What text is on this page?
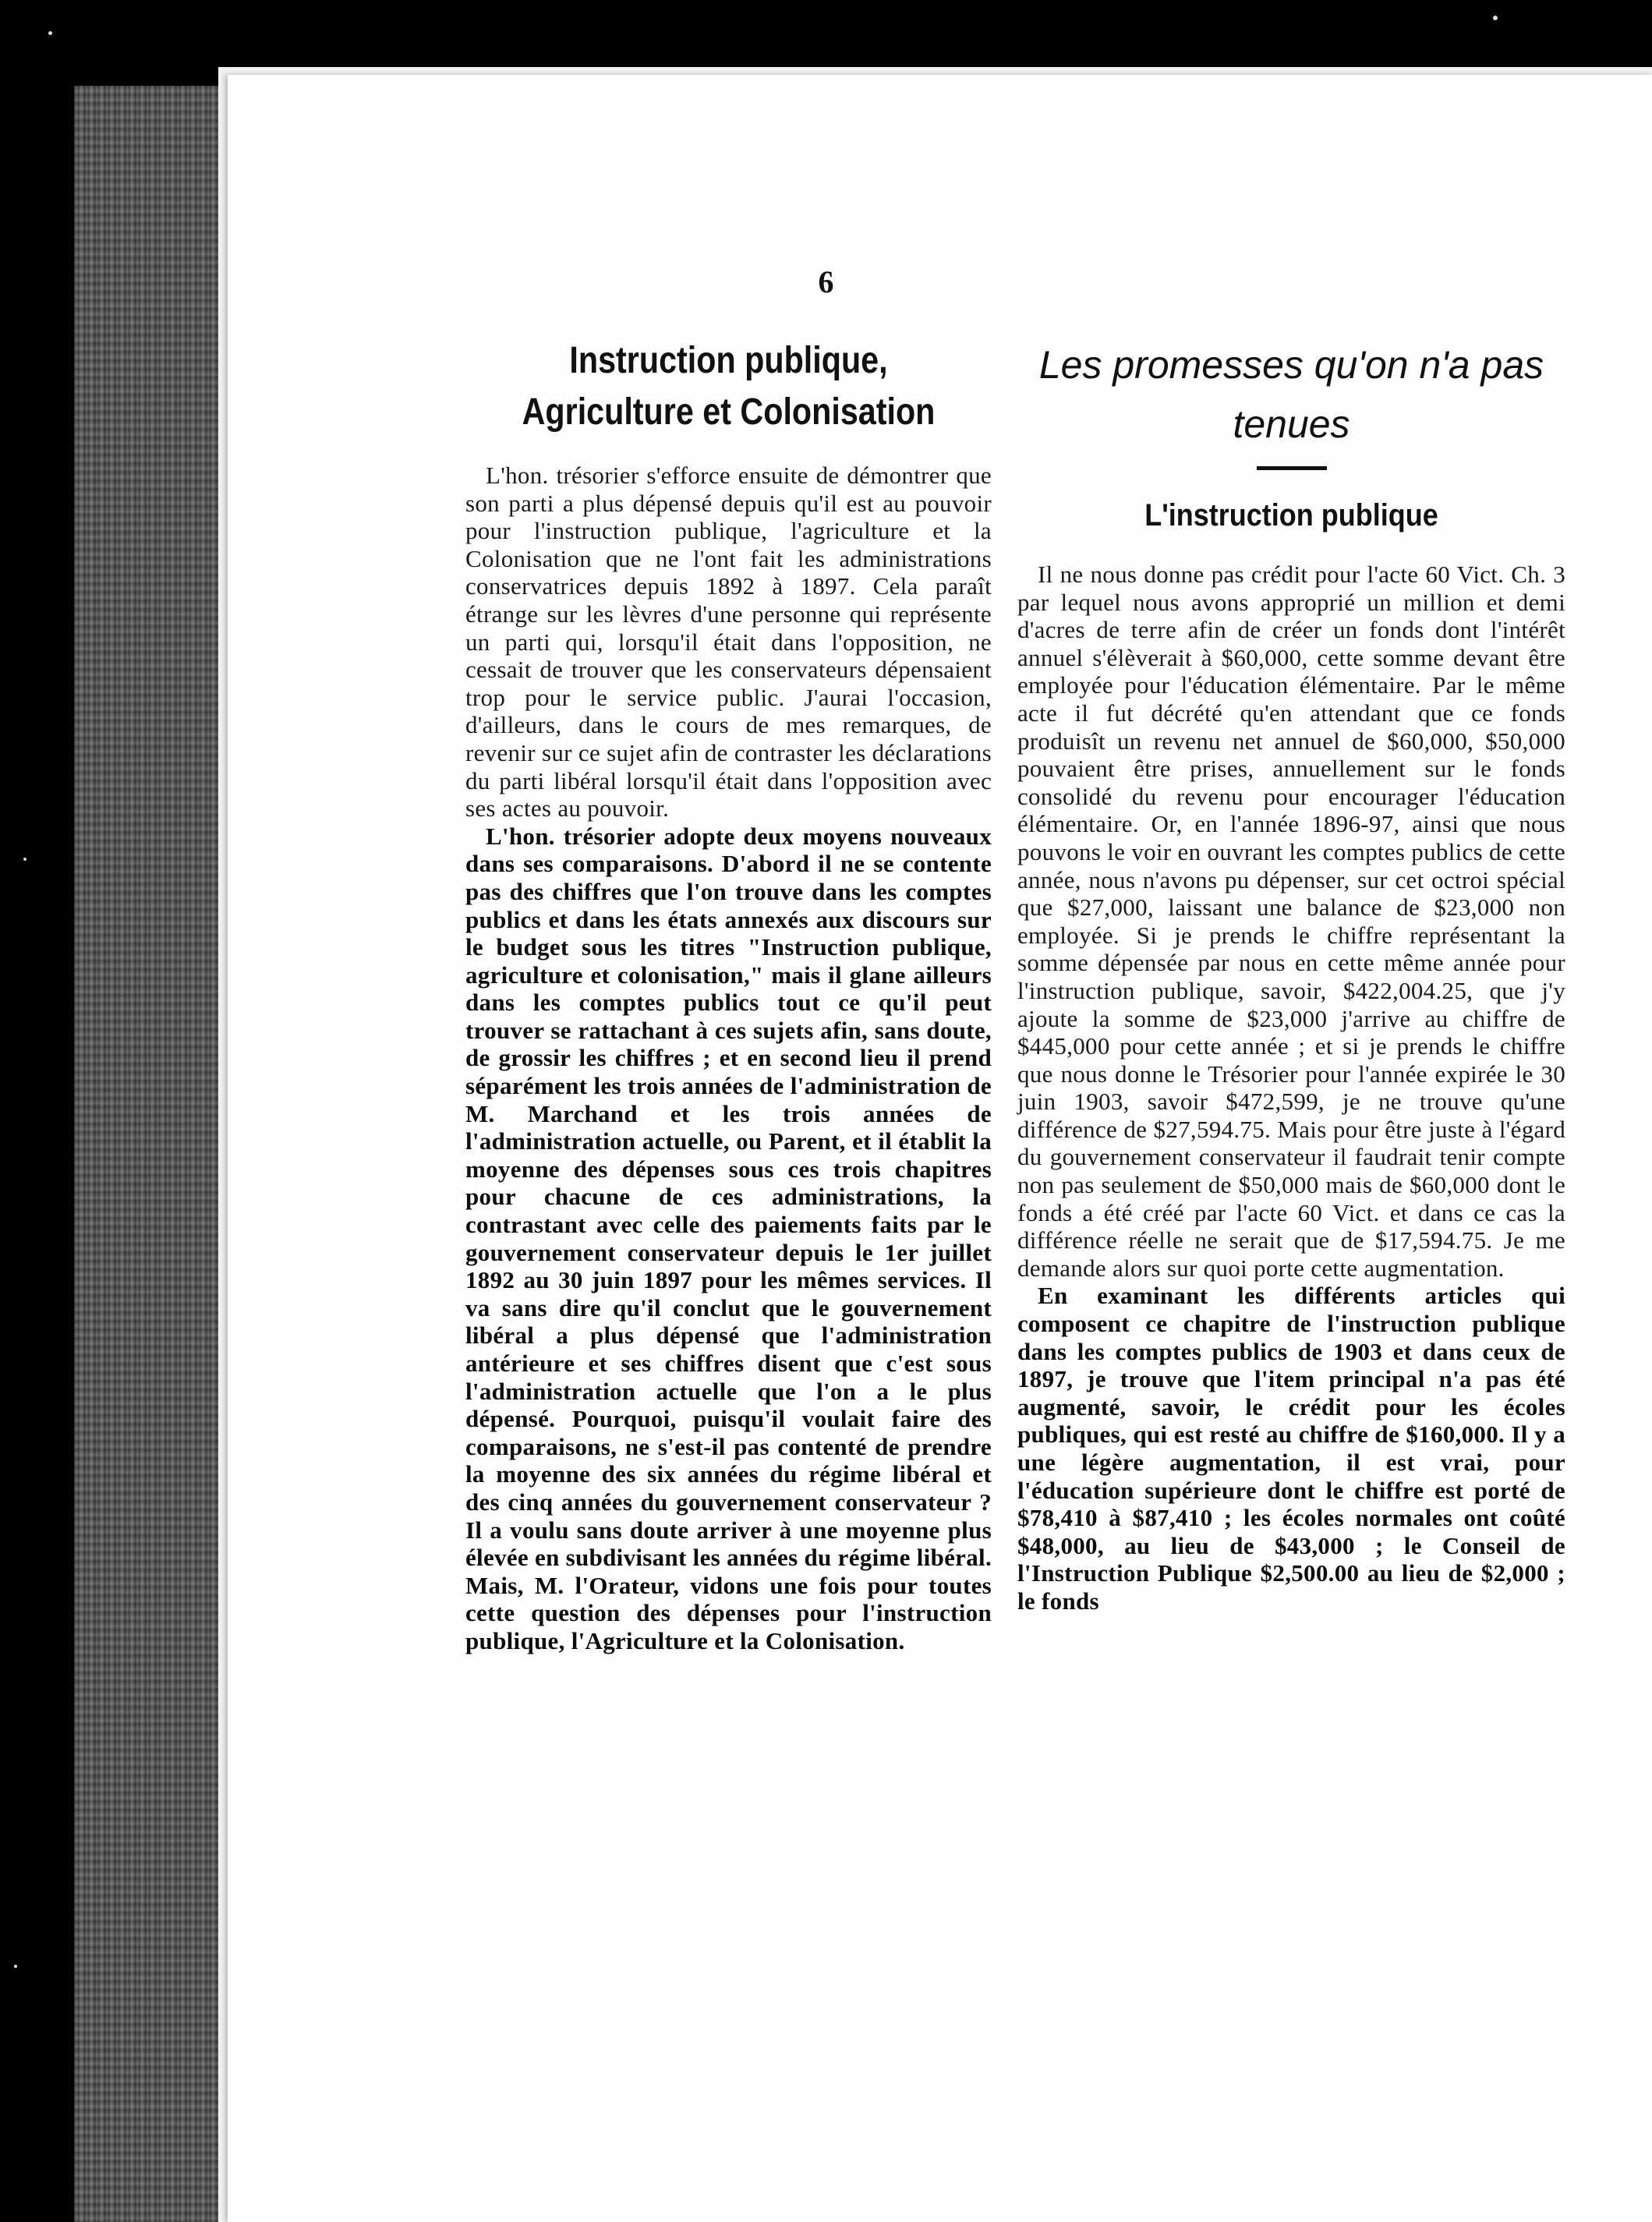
6
Instruction publique, Agriculture et Colonisation

L'hon. trésorier s'efforce ensuite de démontrer que son parti a plus dépensé depuis qu'il est au pouvoir pour l'instruction publique, l'agriculture et la Colonisation que ne l'ont fait les administrations conservatrices depuis 1892 à 1897. Cela paraît étrange sur les lèvres d'une personne qui représente un parti qui, lorsqu'il était dans l'opposition, ne cessait de trouver que les conservateurs dépensaient trop pour le service public. J'aurai l'occasion, d'ailleurs, dans le cours de mes remarques, de revenir sur ce sujet afin de contraster les déclarations du parti libéral lorsqu'il était dans l'opposition avec ses actes au pouvoir.

L'hon. trésorier adopte deux moyens nouveaux dans ses comparaisons. D'abord il ne se contente pas des chiffres que l'on trouve dans les comptes publics et dans les états annexés aux discours sur le budget sous les titres "Instruction publique, agriculture et colonisation," mais il glane ailleurs dans les comptes publics tout ce qu'il peut trouver se rattachant à ces sujets afin, sans doute, de grossir les chiffres ; et en second lieu il prend séparément les trois années de l'administration de M. Marchand et les trois années de l'administration actuelle, ou Parent, et il établit la moyenne des dépenses sous ces trois chapitres pour chacune de ces administrations, la contrastant avec celle des paiements faits par le gouvernement conservateur depuis le 1er juillet 1892 au 30 juin 1897 pour les mêmes services. Il va sans dire qu'il conclut que le gouvernement libéral a plus dépensé que l'administration antérieure et ses chiffres disent que c'est sous l'administration actuelle que l'on a le plus dépensé. Pourquoi, puisqu'il voulait faire des comparaisons, ne s'est-il pas contenté de prendre la moyenne des six années du régime libéral et des cinq années du gouvernement conservateur ? Il a voulu sans doute arriver à une moyenne plus élevée en subdivisant les années du régime libéral. Mais, M. l'Orateur, vidons une fois pour toutes cette question des dépenses pour l'instruction publique, l'Agriculture et la Colonisation.

Les promesses qu'on n'a pas tenues
L'instruction publique

Il ne nous donne pas crédit pour l'acte 60 Vict. Ch. 3 par lequel nous avons approprié un million et demi d'acres de terre afin de créer un fonds dont l'intérêt annuel s'élèverait à $60,000, cette somme devant être employée pour l'éducation élémentaire. Par le même acte il fut décrété qu'en attendant que ce fonds produisît un revenu net annuel de $60,000, $50,000 pouvaient être prises, annuellement sur le fonds consolidé du revenu pour encourager l'éducation élémentaire. Or, en l'année 1896-97, ainsi que nous pouvons le voir en ouvrant les comptes publics de cette année, nous n'avons pu dépenser, sur cet octroi spécial que $27,000, laissant une balance de $23,000 non employée. Si je prends le chiffre représentant la somme dépensée par nous en cette même année pour l'instruction publique, savoir, $422,004.25, que j'y ajoute la somme de $23,000 j'arrive au chiffre de $445,000 pour cette année ; et si je prends le chiffre que nous donne le Trésorier pour l'année expirée le 30 juin 1903, savoir $472,599, je ne trouve qu'une différence de $27,594.75. Mais pour être juste à l'égard du gouvernement conservateur il faudrait tenir compte non pas seulement de $50,000 mais de $60,000 dont le fonds a été créé par l'acte 60 Vict. et dans ce cas la différence réelle ne serait que de $17,594.75. Je me demande alors sur quoi porte cette augmentation.

En examinant les différents articles qui composent ce chapitre de l'instruction publique dans les comptes publics de 1903 et dans ceux de 1897, je trouve que l'item principal n'a pas été augmenté, savoir, le crédit pour les écoles publiques, qui est resté au chiffre de $160,000. Il y a une légère augmentation, il est vrai, pour l'éducation supérieure dont le chiffre est porté de $78,410 à $87,410 ; les écoles normales ont coûté $48,000, au lieu de $43,000 ; le Conseil de l'Instruction Publique $2,500.00 au lieu de $2,000 ; le fonds
